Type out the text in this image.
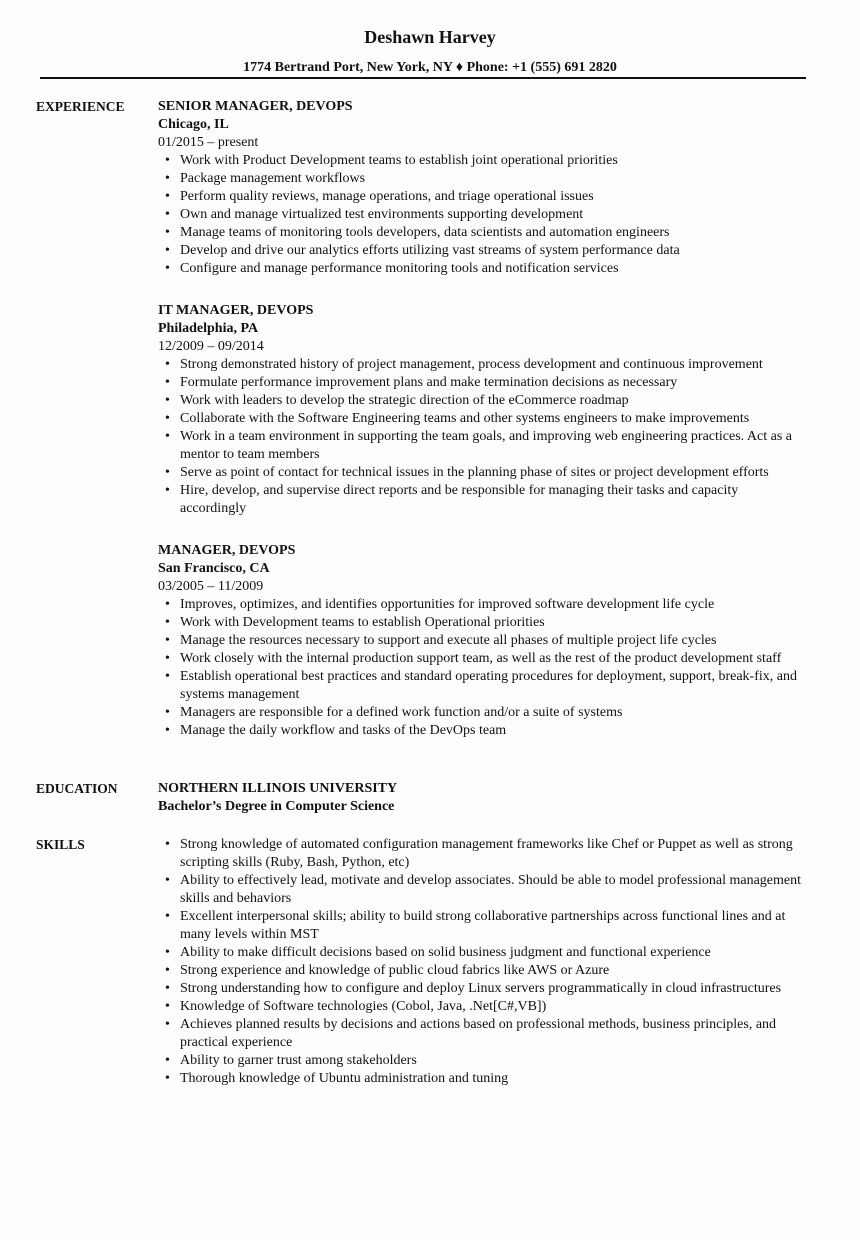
Deshawn Harvey
1774 Bertrand Port, New York, NY ♦ Phone: +1 (555) 691 2820
EXPERIENCE SENIOR MANAGER, DEVOPS
Chicago, IL
01/2015 – present
• Work with Product Development teams to establish joint operational priorities
• Package management workflows
• Perform quality reviews, manage operations, and triage operational issues
• Own and manage virtualized test environments supporting development
• Manage teams of monitoring tools developers, data scientists and automation engineers
• Develop and drive our analytics efforts utilizing vast streams of system performance data
• Configure and manage performance monitoring tools and notification services
IT MANAGER, DEVOPS
Philadelphia, PA
12/2009 – 09/2014
• Strong demonstrated history of project management, process development and continuous improvement
• Formulate performance improvement plans and make termination decisions as necessary
• Work with leaders to develop the strategic direction of the eCommerce roadmap
• Collaborate with the Software Engineering teams and other systems engineers to make improvements
• Work in a team environment in supporting the team goals, and improving web engineering practices. Act as a mentor to team members
• Serve as point of contact for technical issues in the planning phase of sites or project development efforts
• Hire, develop, and supervise direct reports and be responsible for managing their tasks and capacity accordingly
MANAGER, DEVOPS
San Francisco, CA
03/2005 – 11/2009
• Improves, optimizes, and identifies opportunities for improved software development life cycle
• Work with Development teams to establish Operational priorities
• Manage the resources necessary to support and execute all phases of multiple project life cycles
• Work closely with the internal production support team, as well as the rest of the product development staff
• Establish operational best practices and standard operating procedures for deployment, support, break-fix, and systems management
• Managers are responsible for a defined work function and/or a suite of systems
• Manage the daily workflow and tasks of the DevOps team
EDUCATION	NORTHERN ILLINOIS UNIVERSITY
Bachelor’s Degree in Computer Science
SKILLS	• Strong knowledge of automated configuration management frameworks like Chef or Puppet as well as strong scripting skills (Ruby, Bash, Python, etc)
• Ability to effectively lead, motivate and develop associates. Should be able to model professional management skills and behaviors
• Excellent interpersonal skills; ability to build strong collaborative partnerships across functional lines and at many levels within MST
• Ability to make difficult decisions based on solid business judgment and functional experience
• Strong experience and knowledge of public cloud fabrics like AWS or Azure
• Strong understanding how to configure and deploy Linux servers programmatically in cloud infrastructures
• Knowledge of Software technologies (Cobol, Java, .Net[C#,VB])
• Achieves planned results by decisions and actions based on professional methods, business principles, and practical experience
• Ability to garner trust among stakeholders
• Thorough knowledge of Ubuntu administration and tuning
